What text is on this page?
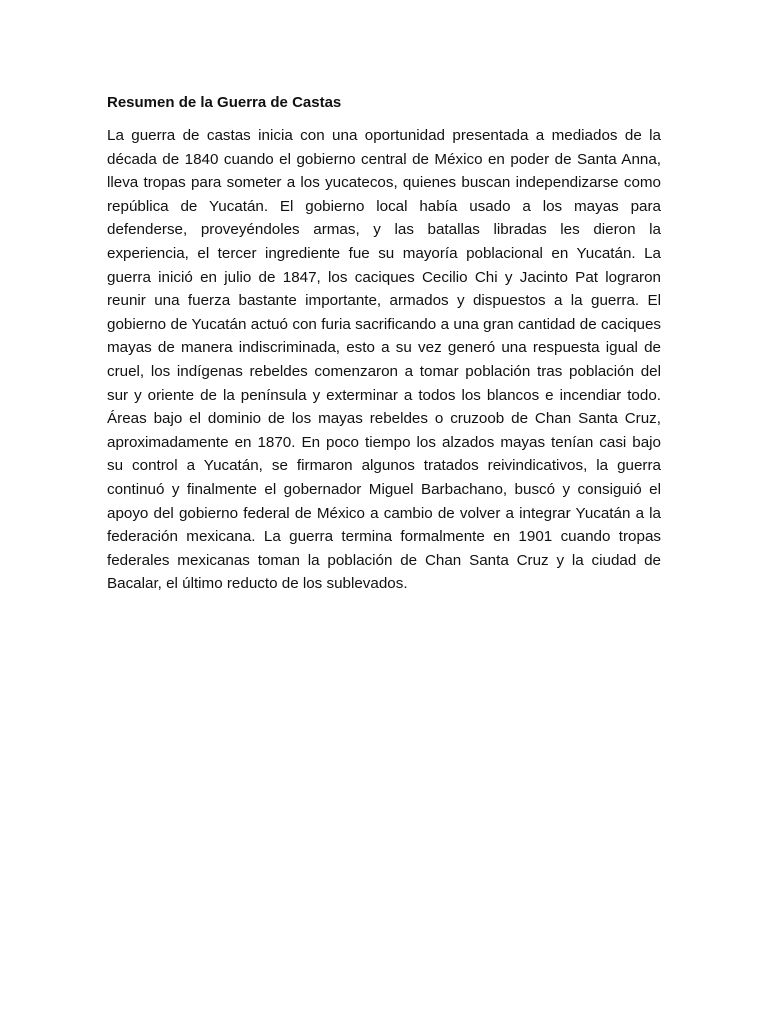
Resumen de la Guerra de Castas

La guerra de castas inicia con una oportunidad presentada a mediados de la década de 1840 cuando el gobierno central de México en poder de Santa Anna, lleva tropas para someter a los yucatecos, quienes buscan independizarse como república de Yucatán. El gobierno local había usado a los mayas para defenderse, proveyéndoles armas, y las batallas libradas les dieron la experiencia, el tercer ingrediente fue su mayoría poblacional en Yucatán. La guerra inició en julio de 1847, los caciques Cecilio Chi y Jacinto Pat lograron reunir una fuerza bastante importante, armados y dispuestos a la guerra. El gobierno de Yucatán actuó con furia sacrificando a una gran cantidad de caciques mayas de manera indiscriminada, esto a su vez generó una respuesta igual de cruel, los indígenas rebeldes comenzaron a tomar población tras población del sur y oriente de la península y exterminar a todos los blancos e incendiar todo. Áreas bajo el dominio de los mayas rebeldes o cruzoob de Chan Santa Cruz, aproximadamente en 1870. En poco tiempo los alzados mayas tenían casi bajo su control a Yucatán, se firmaron algunos tratados reivindicativos, la guerra continuó y finalmente el gobernador Miguel Barbachano, buscó y consiguió el apoyo del gobierno federal de México a cambio de volver a integrar Yucatán a la federación mexicana. La guerra termina formalmente en 1901 cuando tropas federales mexicanas toman la población de Chan Santa Cruz y la ciudad de Bacalar, el último reducto de los sublevados.
